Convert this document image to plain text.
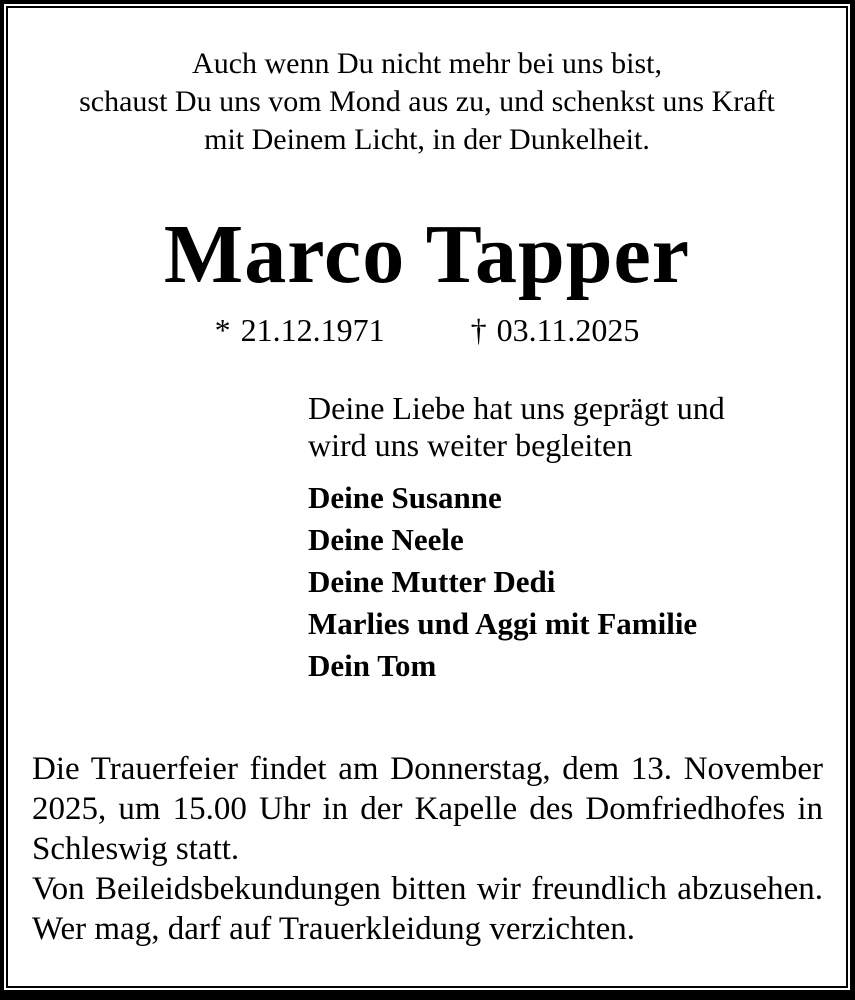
Auch wenn Du nicht mehr bei uns bist,
schaust Du uns vom Mond aus zu, und schenkst uns Kraft
mit Deinem Licht, in der Dunkelheit.
Marco Tapper
* 21.12.1971	† 03.11.2025
Deine Liebe hat uns geprägt und
wird uns weiter begleiten
Deine Susanne
Deine Neele
Deine Mutter Dedi
Marlies und Aggi mit Familie
Dein Tom
Die Trauerfeier findet am Donnerstag, dem 13. November
2025, um 15.00 Uhr in der Kapelle des Domfriedhofes in
Schleswig statt.
Von Beileidsbekundungen bitten wir freundlich abzusehen.
Wer mag, darf auf Trauerkleidung verzichten.
